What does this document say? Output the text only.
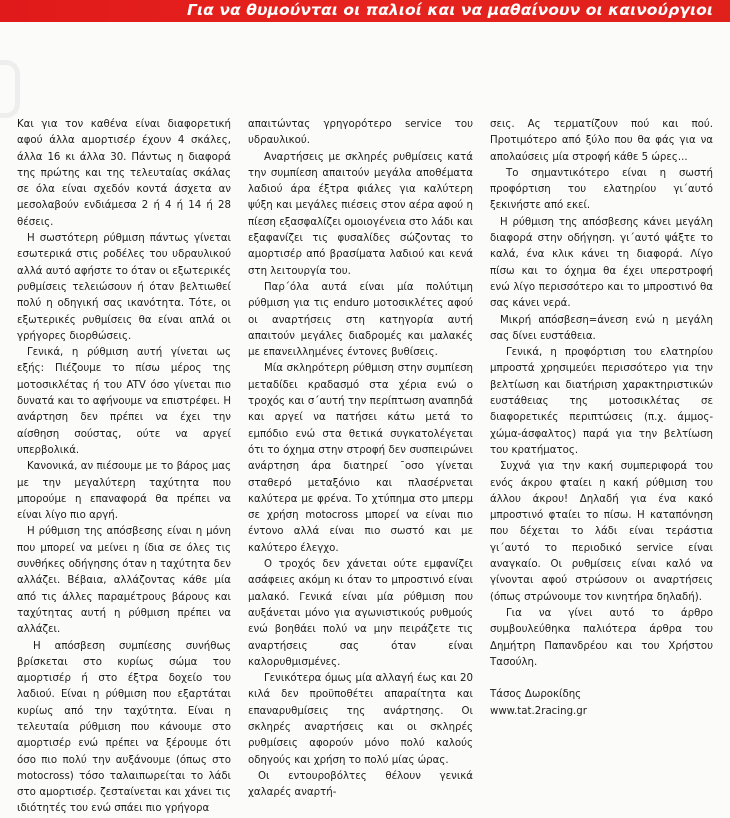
Για να θυμούνται οι παλιοί και να μαθαίνουν οι καινούργιοι

Και για τον καθένα είναι διαφορετική αφού άλλα αμορτισέρ έχουν 4 σκάλες, άλλα 16 κι άλλα 30. Πάντως η διαφορά της πρώτης και της τελευταίας σκάλας σε όλα είναι σχεδόν κοντά άσχετα αν μεσολαβούν ενδιάμεσα 2 ή 4 ή 14 ή 28 θέσεις.

Η σωστότερη ρύθμιση πάντως γίνεται εσωτερικά στις ροδέλες του υδραυλικού αλλά αυτό αφήστε το όταν οι εξωτερικές ρυθμίσεις τελειώσουν ή όταν βελτιωθεί πολύ η οδηγική σας ικανότητα. Τότε, οι εξωτερικές ρυθμίσεις θα είναι απλά οι γρήγορες διορθώσεις.

Γενικά, η ρύθμιση αυτή γίνεται ως εξής: Πιέζουμε το πίσω μέρος της μοτοσικλέτας ή του ATV όσο γίνεται πιο δυνατά και το αφήνουμε να επιστρέφει. Η ανάρτηση δεν πρέπει να έχει την αίσθηση σούστας, ούτε να αργεί υπερβολικά.

Κανονικά, αν πιέσουμε με το βάρος μας με την μεγαλύτερη ταχύτητα που μπορούμε η επαναφορά θα πρέπει να είναι λίγο πιο αργή.

Η ρύθμιση της απόσβεσης είναι η μόνη που μπορεί να μείνει η ίδια σε όλες τις συνθήκες οδήγησης όταν η ταχύτητα δεν αλλάζει. Βέβαια, αλλάζοντας κάθε μία από τις άλλες παραμέτρους βάρους και ταχύτητας αυτή η ρύθμιση πρέπει να αλλάζει.

Η απόσβεση συμπίεσης συνήθως βρίσκεται στο κυρίως σώμα του αμορτισέρ ή στο έξτρα δοχείο του λαδιού. Είναι η ρύθμιση που εξαρτάται κυρίως από την ταχύτητα. Είναι η τελευταία ρύθμιση που κάνουμε στο αμορτισέρ ενώ πρέπει να ξέρουμε ότι όσο πιο πολύ την αυξάνουμε (όπως στο motocross) τόσο ταλαιπωρείται το λάδι στο αμορτισέρ. ζεσταίνεται και χάνει τις ιδιότητές του ενώ σπάει πιο γρήγορα

απαιτώντας γρηγορότερο service του υδραυλικού.

Αναρτήσεις με σκληρές ρυθμίσεις κατά την συμπίεση απαιτούν μεγάλα αποθέματα λαδιού άρα έξτρα φιάλες για καλύτερη ψύξη και μεγάλες πιέσεις στον αέρα αφού η πίεση εξασφαλίζει ομοιογένεια στο λάδι και εξαφανίζει τις φυσαλίδες σώζοντας το αμορτισέρ από βρασίματα λαδιού και κενά στη λειτουργία του.

Παρ΄όλα αυτά είναι μία πολύτιμη ρύθμιση για τις enduro μοτοσικλέτες αφού οι αναρτήσεις στη κατηγορία αυτή απαιτούν μεγάλες διαδρομές και μαλακές με επανειλλημένες έντονες βυθίσεις.

Μία σκληρότερη ρύθμιση στην συμπίεση μεταδίδει κραδασμό στα χέρια ενώ ο τροχός και σ΄αυτή την περίπτωση αναπηδά και αργεί να πατήσει κάτω μετά το εμπόδιο ενώ στα θετικά συγκατολέγεται ότι το όχημα στην στροφή δεν συσπειρώνει ανάρτηση άρα διατηρεί ¯οσο γίνεται σταθερό μεταξόνιο και πλασέρνεται καλύτερα με φρένα. Το χτύπημα στο μπερμ σε χρήση motocross μπορεί να είναι πιο έντονο αλλά είναι πιο σωστό και με καλύτερο έλεγχο.

Ο τροχός δεν χάνεται ούτε εμφανίζει ασάφειες ακόμη κι όταν το μπροστινό είναι μαλακό. Γενικά είναι μία ρύθμιση που αυξάνεται μόνο για αγωνιστικούς ρυθμούς ενώ βοηθάει πολύ να μην πειράζετε τις αναρτήσεις σας όταν είναι καλορυθμισμένες.

Γενικότερα όμως μία αλλαγή έως και 20 κιλά δεν προϋποθέτει απαραίτητα και επαναρυθμίσεις της ανάρτησης. Οι σκληρές αναρτήσεις και οι σκληρές ρυθμίσεις αφορούν μόνο πολύ καλούς οδηγούς και χρήση το πολύ μίας ώρας.

Οι εντουροβόλτες θέλουν γενικά χαλαρές αναρτή-

σεις. Ας τερματίζουν πού και πού. Προτιμότερο από ξύλο που θα φάς για να απολαύσεις μία στροφή κάθε 5 ώρες...

Το σημαντικότερο είναι η σωστή προφόρτιση του ελατηρίου γι΄αυτό ξεκινήστε από εκεί.

Η ρύθμιση της απόσβεσης κάνει μεγάλη διαφορά στην οδήγηση. γι΄αυτό ψάξτε το καλά, ένα κλικ κάνει τη διαφορά. Λίγο πίσω και το όχημα θα έχει υπερστροφή ενώ λίγο περισσότερο και το μπροστινό θα σας κάνει νερά.

Μικρή απόσβεση=άνεση ενώ η μεγάλη σας δίνει ευστάθεια.

Γενικά, η προφόρτιση του ελατηρίου μπροστά χρησιμεύει περισσότερο για την βελτίωση και διατήριση χαρακτηριστικών ευστάθειας της μοτοσικλέτας σε διαφορετικές περιπτώσεις (π.χ. άμμος-χώμα-άσφαλτος) παρά για την βελτίωση του κρατήματος.

Συχνά για την κακή συμπεριφορά του ενός άκρου φταίει η κακή ρύθμιση του άλλου άκρου! Δηλαδή για ένα κακό μπροστινό φταίει το πίσω. Η καταπόνηση που δέχεται το λάδι είναι τεράστια γι΄αυτό το περιοδικό service είναι αναγκαίο. Οι ρυθμίσεις είναι καλό να γίνονται αφού στρώσουν οι αναρτήσεις (όπως στρώνουμε τον κινητήρα δηλαδή).

Για να γίνει αυτό το άρθρο συμβουλεύθηκα παλιότερα άρθρα του Δημήτρη Παπανδρέου και του Χρήστου Τασούλη.

Τάσος Δωροκίδης
www.tat.2racing.gr
